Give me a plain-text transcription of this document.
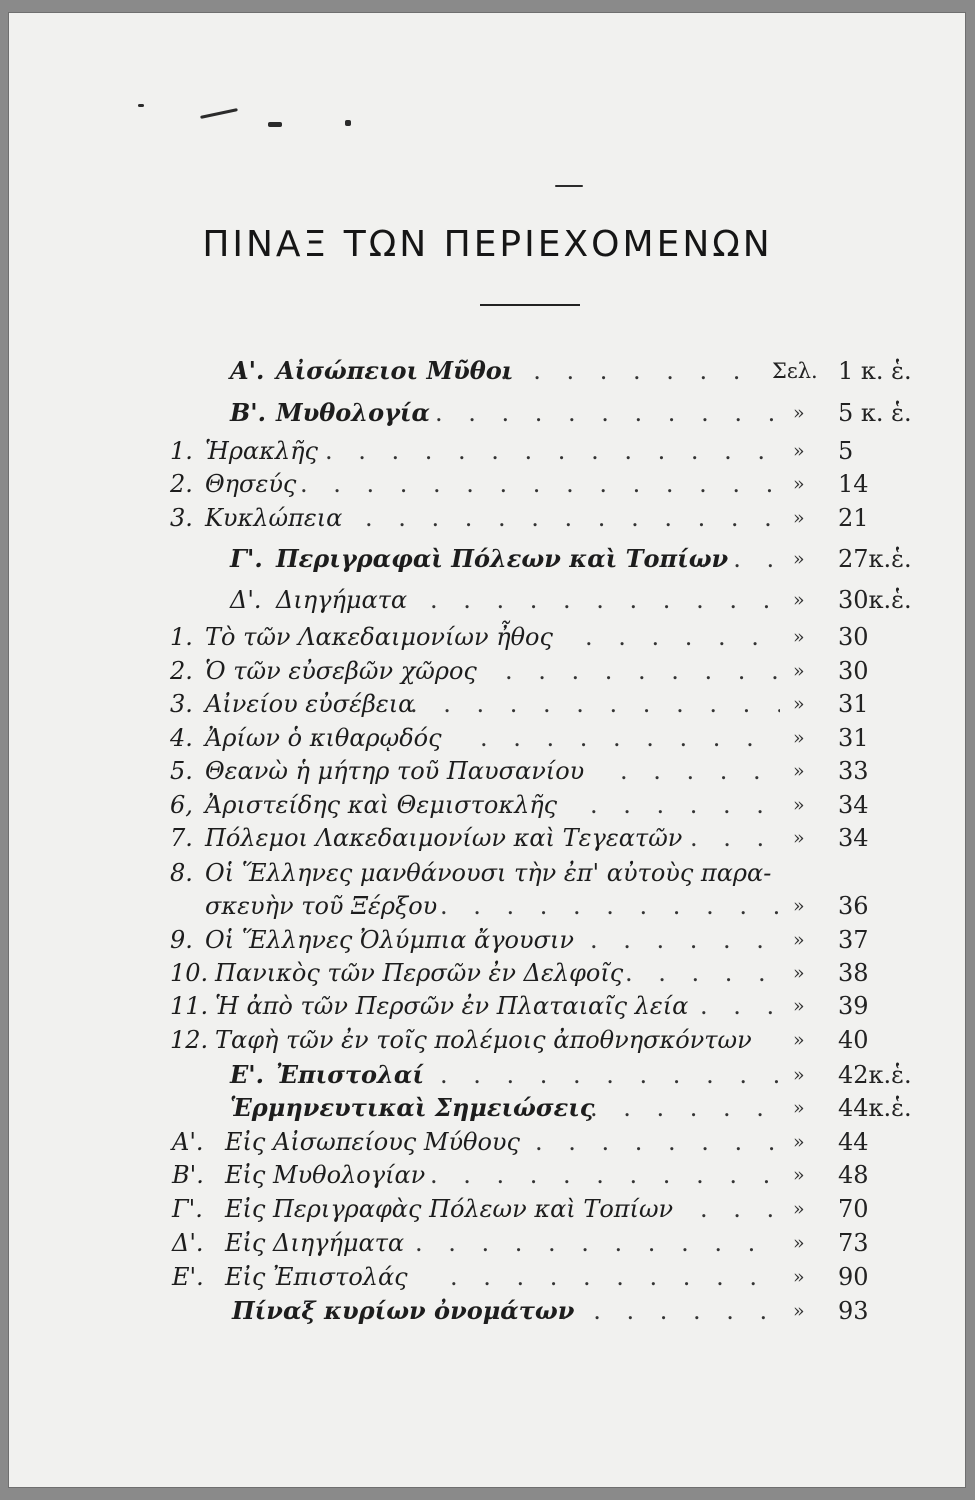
ΠΙΝΑΞ ΤΩΝ ΠΕΡΙΕΧΟΜΕΝΩΝ
Α'. Αἰσώπειοι Μῦθοι . . .	Σελ. 1 κ. ἑ.
Β'. Μυθολογία . . .	» 5 κ. ἑ.
1. Ἡρακλῆς . . .	» 5
2. Θησεύς . . .	» 14
3. Κυκλώπεια . . .	» 21
Γ'. Περιγραφαὶ Πόλεων καὶ Τοπίων . . .	» 27κ.ἑ.
Δ'. Διηγήματα . . .	» 30κ.ἑ.
1. Τὸ τῶν Λακεδαιμονίων ἦθος . . .	» 30
2. Ὁ τῶν εὐσεβῶν χῶρος . . .	» 30
3. Αἰνείου εὐσέβεια . . .	» 31
4. Ἀρίων ὁ κιθαρῳδός . . .	» 31
5. Θεανὼ ἡ μήτηρ τοῦ Παυσανίου . . .	» 33
6, Ἀριστείδης καὶ Θεμιστοκλῆς . . .	» 34
7. Πόλεμοι Λακεδαιμονίων καὶ Τεγεατῶν . . .	» 34
8. Οἱ Ἕλληνες μανθάνουσι τὴν ἐπ' αὐτοὺς παρα-
σκευὴν τοῦ Ξέρξου . . .	» 36
9. Οἱ Ἕλληνες Ὀλύμπια ἄγουσιν . . .	» 37
10. Πανικὸς τῶν Περσῶν ἐν Δελφοῖς . . .	» 38
11. Ἡ ἀπὸ τῶν Περσῶν ἐν Πλαταιαῖς λεία . . .	» 39
12. Ταφὴ τῶν ἐν τοῖς πολέμοις ἀποθνησκόντων » 40
Ε'. Ἐπιστολαί . . .	» 42κ.ἑ.
Ἑρμηνευτικαὶ Σημειώσεις . . .	» 44κ.ἑ.
Α'. Εἰς Αἰσωπείους Μύθους . . .	» 44
Β'. Εἰς Μυθολογίαν . . .	» 48
Γ'. Εἰς Περιγραφὰς Πόλεων καὶ Τοπίων . . .	» 70
Δ'. Εἰς Διηγήματα . . .	» 73
Ε'. Εἰς Ἐπιστολάς . . .	» 90
Πίναξ κυρίων ὀνομάτων . . .	» 93
